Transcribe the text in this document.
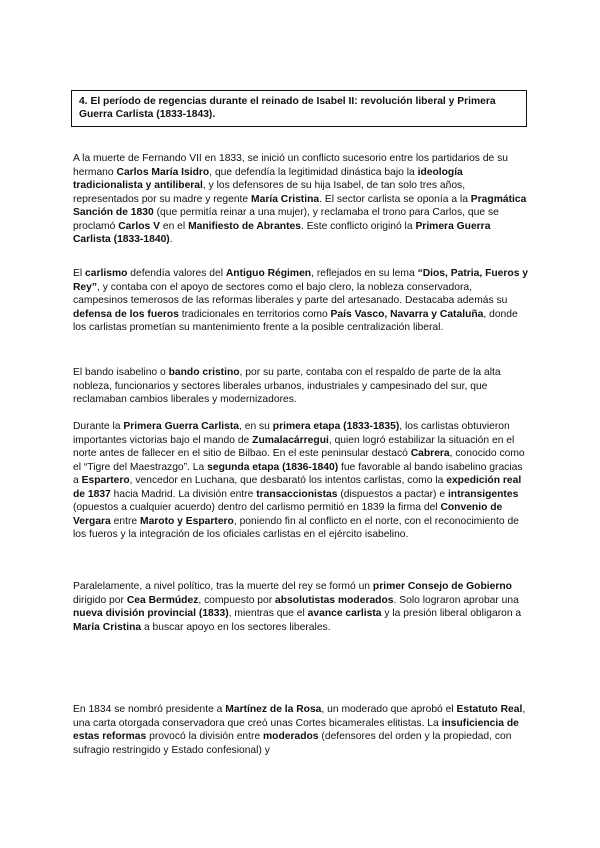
4. El período de regencias durante el reinado de Isabel II: revolución liberal y Primera Guerra Carlista (1833-1843).

A la muerte de Fernando VII en 1833, se inició un conflicto sucesorio entre los partidarios de su hermano Carlos María Isidro, que defendía la legitimidad dinástica bajo la ideología tradicionalista y antiliberal, y los defensores de su hija Isabel, de tan solo tres años, representados por su madre y regente María Cristina. El sector carlista se oponía a la Pragmática Sanción de 1830 (que permitía reinar a una mujer), y reclamaba el trono para Carlos, que se proclamó Carlos V en el Manifiesto de Abrantes. Este conflicto originó la Primera Guerra Carlista (1833-1840).

El carlismo defendía valores del Antiguo Régimen, reflejados en su lema “Dios, Patria, Fueros y Rey”, y contaba con el apoyo de sectores como el bajo clero, la nobleza conservadora, campesinos temerosos de las reformas liberales y parte del artesanado. Destacaba además su defensa de los fueros tradicionales en territorios como País Vasco, Navarra y Cataluña, donde los carlistas prometían su mantenimiento frente a la posible centralización liberal.

El bando isabelino o bando cristino, por su parte, contaba con el respaldo de parte de la alta nobleza, funcionarios y sectores liberales urbanos, industriales y campesinado del sur, que reclamaban cambios liberales y modernizadores.

Durante la Primera Guerra Carlista, en su primera etapa (1833-1835), los carlistas obtuvieron importantes victorias bajo el mando de Zumalacárregui, quien logró estabilizar la situación en el norte antes de fallecer en el sitio de Bilbao. En el este peninsular destacó Cabrera, conocido como el “Tigre del Maestrazgo”. La segunda etapa (1836-1840) fue favorable al bando isabelino gracias a Espartero, vencedor en Luchana, que desbarató los intentos carlistas, como la expedición real de 1837 hacia Madrid. La división entre transaccionistas (dispuestos a pactar) e intransigentes (opuestos a cualquier acuerdo) dentro del carlismo permitió en 1839 la firma del Convenio de Vergara entre Maroto y Espartero, poniendo fin al conflicto en el norte, con el reconocimiento de los fueros y la integración de los oficiales carlistas en el ejército isabelino.

Paralelamente, a nivel político, tras la muerte del rey se formó un primer Consejo de Gobierno dirigido por Cea Bermúdez, compuesto por absolutistas moderados. Solo lograron aprobar una nueva división provincial (1833), mientras que el avance carlista y la presión liberal obligaron a María Cristina a buscar apoyo en los sectores liberales.

En 1834 se nombró presidente a Martínez de la Rosa, un moderado que aprobó el Estatuto Real, una carta otorgada conservadora que creó unas Cortes bicamerales elitistas. La insuficiencia de estas reformas provocó la división entre moderados (defensores del orden y la propiedad, con sufragio restringido y Estado confesional) y
